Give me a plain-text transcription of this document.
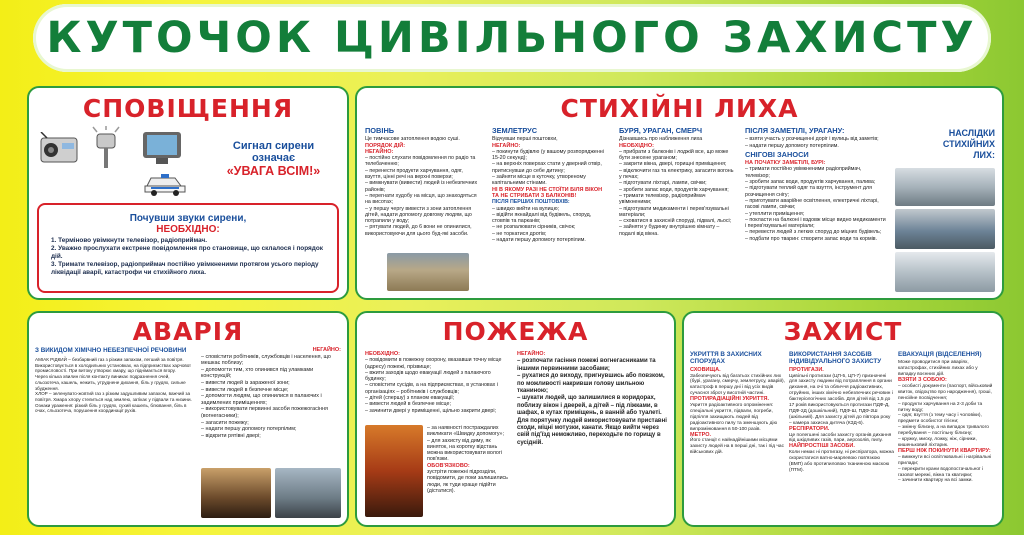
КУТОЧОК ЦИВІЛЬНОГО ЗАХИСТУ
СПОВІЩЕННЯ

Сигнал сирени

означає

«УВАГА ВСІМ!»

Почувши звуки сирени,
НЕОБХІДНО:

1. Терміново увімкнути телевізор, радіоприймач.

2. Уважно прослухати екстрене повідомлення про становище, що склалося і порядок дій.

3. Тримати телевізор, радіоприймач постійно увімкненими протягом усього періоду ліквідації аварії, катастрофи чи стихійного лиха.

СТИХІЙНІ ЛИХА
ПОВІНЬ

Це тимчасове затоплення водою суші.

ПОРЯДОК ДІЙ:

НЕГАЙНО:

– постійно слухати повідомлення по радіо та телебаченню;

– перенести продукти харчування, одяг, взуття, цінні речі на верхні поверхи;

– вимкнувати (вивести) людей із небезпечних районів;

– перегнати худобу на місця, що знаходяться на висотах;

– у першу чергу вивести з зони затоплення дітей, надати допомогу довгому людям, що потрапили у воду;

– рятувати людей, до 6 вони не опинилися, використовуючи для цього буд-які засоби.

ЗЕМЛЕТРУС

Відчувши перші поштовхи,

НЕГАЙНО:

– покинути будівлю (у вашому розпорядженні 15-20 секунд);

– на верхніх поверхах стати у дверний отвір, притиснувши до себе дитину;

– зайняти місце в куточку, утвореному капітальними стінами.

НІ В ЯКОМУ РАЗІ НЕ СТОЇТИ БІЛЯ ВІКОН ТА НЕ СТРИБАТИ З БАЛКОНІВ!

ПІСЛЯ ПЕРШИХ ПОШТОВХІВ:

– швидко вийти на вулицю;

– відійти якнайдалі від будівель, споруд, стовпів та парканів;

– не розпалювати сірників, свічок;

– не торкатися дротів;

– надати першу допомогу потерпілим.

БУРЯ, УРАГАН, СМЕРЧ

Дізнавшись про наближення лиха

НЕОБХІДНО:

– прибрати з балконів і лоджій все, що може бути знесене ураганом;

– закрити вікна, двері, горищні приміщення;

– відключити газ та електрику, загасити вогонь у печах;

– підготувати ліхтарі, лампи, свічки;

– зробити запас води, продуктів харчування;

– тримати телевізор, радіоприймач увімкненими;

– підготувати медикаменти і перев'язувальні матеріали;

– сховатися в захисній споруді, підвалі, льосі;

– зайняти у будинку внутрішню кімнату – подалі від вікна.

ПІСЛЯ ЗАМЕТІЛІ, УРАГАНУ:

– взяти участь у розчищенні доріг і вулиць від заметів;

– надати першу допомогу потерпілим.

СНІГОВІ ЗАНОСИ

НА ПОЧАТКУ ЗАМЕТІЛІ, БУРІ:

– тримати постійно увімкненими радіоприймач, телевізор;

– зробити запас води, продуктів харчування, палива;

– підготувати теплий одяг та взуття, інструмент для розчищення снігу;

– приготувати аварійне освітлення, електричні ліхтарі, гасові лампи, свічки;

– утеплити приміщення;

– покласти на балконі і вздовж місце видно медикаменти і перев'язувальні матеріали;

– перевести людей з легких споруд до міцних будівель;

– подбати про тварин: створити запас води та кормів.

НАСЛІДКИ СТИХІЙНИХ ЛИХ:
АВАРІЯ
З ВИКИДОМ ХІМІЧНО НЕБЕЗПЕЧНОЇ РЕЧОВИНИ

АМІАК РІДКИЙ – безбарвний газ з різким запахом, легший за повітря. Використовується в холодильних установках, на підприємствах харчової промисловості. При витоку утворює хмару, що піднімається вгору.

Через кілька хвилин після контакту виникає подразнення очей, сльозотеча, кашель, нежить, утруднене дихання, біль у грудях, сильне збудження.

ХЛОР – зеленувато-жовтий газ з різким задушливим запахом, важчий за повітря. Хмара хлору стелиться над землею, затікає у підвали та низини.

Ознаки ураження: різкий біль у грудях, сухий кашель, блювання, біль в очах, сльозотеча, порушення координації рухів.

НЕГАЙНО:

– сповістити робітників, службовців і населення, що мешкає поблизу;

– допомогти тим, хто опинився під уламками конструкцій;

– вивести людей із зараженої зони;

– вивести людей в безпечне місце;

– допомогти людям, що опинилися в палаючих і задимлених приміщеннях;

– використовувати первинні засоби пожежогасіння (вогнегасники);

– загасити пожежу;

– надати першу допомогу потерпілим;

– відкрити рятівні двері;

ПОЖЕЖА

НЕОБХІДНО:

– повідомити в пожежну охорону, вказавши точну місце (адресу) пожежі, прізвище;

– вжити заходів щодо евакуації людей з палаючого будинку;

– сповістити сусідів, а на підприємствах, в установах і організаціях – робітників і службовців;

– дітей (спершу) з планом евакуації;

– вивести людей в безпечне місце;

– зачинити двері у приміщенні, щільно закрити двері;

– за наявності постраждалих викликати «Швидку допомогу»;

– для захисту від диму, як виняток, на коротку відстань можна використовувати вологі пов'язки.

ОБОВ'ЯЗКОВО:

зустріти пожежні підрозділи, повідомити, де поки залишились люди, як туди краще підійти (дістатися).

НЕГАЙНО:

– розпочати гасіння пожежі вогнегасниками та іншими первинними засобами;

– рухатися до виходу, пригнувшись або повзком, по можливості накривши голову шильною тканиною;

– шукати людей, що залишилися в коридорах, поблизу вікон і дверей, а дітей – під ліжками, в шафах, в кутах приміщень, в ванній або туалеті.

Для порятунку людей використовувати приставні сходи, міцні мотузки, канати. Якщо вийти через свій під'їзд неможливо, переходьте по горищу в сусідній.

ЗАХИСТ
УКРИТТЯ В ЗАХИСНИХ СПОРУДАХ

СХОВИЩА.

Забезпечують від багатьох стихійних лих (бурі, урагану, смерчу, землетрусу, аварій), катастроф в першу дні і від усіх видів сучасної зброї у висотній частині.

ПРОТИРАДІАЦІЙНІ УКРИТТЯ.

Укриття радіоактивного опромінення: спеціальні укриття, підвали, погреби, підпілля захищають людей від радіоактивного пилу та зменшують дію випромінювання в 50-100 разів.

МЕТРО.

Його станції є найнадійнішими місцями захисту людей на в перші дні, так і під час військових дій.

ВИКОРИСТАННЯ ЗАСОБІВ ІНДИВІДУАЛЬНОГО ЗАХИСТУ

ПРОТИГАЗИ.

Цивільні протигази (ЦП-5, ЦП-7) призначені для захисту людини від потрапляння в органи дихання, на очі та обличчя радіоактивних, отруйних, інших хімічно небезпечних речовин і бактеріологічних засобів. Для дітей від 1,5 до 17 років використовуються протигази ПДФ-Д, ПДФ-2Д (дошкільний), ПДФ-Ш, ПДФ-2Ш (шкільний). Для захисту дітей до півтора року – камера захисна дитяча (КЗД-6).

РЕСПІРАТОРИ.

Це полегшені засоби захисту органів дихання від шкідливих газів, пари, аерозолів, пилу.

НАЙПРОСТІШІ ЗАСОБИ.

Коли немає ні протигазу, ні респіратора, можна скористатися ватно-марлевою пов'язкою (ВМП) або протипиловою тканинною маскою (ПТМ).

ЕВАКУАЦІЯ (ВІДСЕЛЕННЯ)

Може проводитися при аваріях, катастрофах, стихійних лихах або у випадку воєнних дій.

ВЗЯТИ З СОБОЮ:

– особисті документи (паспорт, військовий квиток, свідоцтво про народження), гроші, пенсійне посвідчення;

– продукти харчування на 2-3 доби та питну воду;

– одяг, взуття (з тему часу і чоловіки), предмети особистої гігієни;

– змінну білизну, а на випадок тривалого перебування – постільну білизну;

– кружку, миску, ложку, ніж, сірники, кишеньковий ліхтарик.

ПЕРШ НІЖ ПОКИНУТИ КВАРТИРУ:

– вимкнути всі освітлювальні і нагрівальні прилади;

– перекрити крани водопостачальної і газової мережі, вікна та кватирки;

– зачинити квартиру на всі замки.
